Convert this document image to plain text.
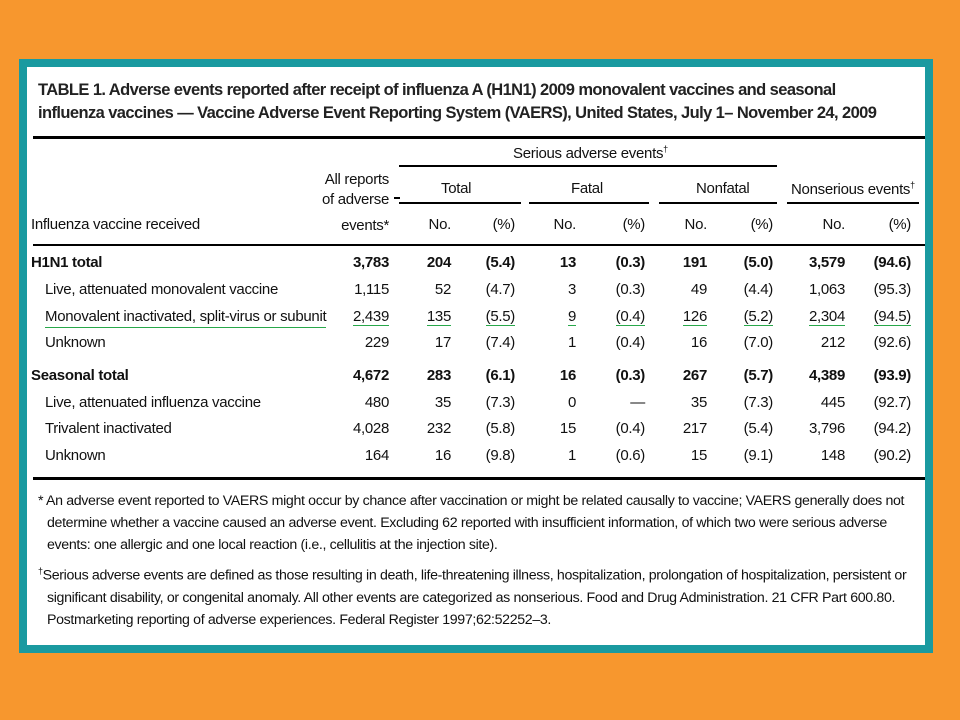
TABLE 1. Adverse events reported after receipt of influenza A (H1N1) 2009 monovalent vaccines and seasonal influenza vaccines — Vaccine Adverse Event Reporting System (VAERS), United States, July 1– November 24, 2009
Serious adverse events†
All reports
of adverse
events*
Total	Fatal	Nonfatal	Nonserious events†
Influenza vaccine received	No.	(%)	No.	(%)	No.	(%)	No.	(%)
H1N1 total	3,783	204	(5.4)	13	(0.3)	191	(5.0)	3,579	(94.6)
Live, attenuated monovalent vaccine	1,115	52	(4.7)	3	(0.3)	49	(4.4)	1,063	(95.3)
Monovalent inactivated, split-virus or subunit	2,439	135	(5.5)	9	(0.4)	126	(5.2)	2,304	(94.5)
Unknown	229	17	(7.4)	1	(0.4)	16	(7.0)	212	(92.6)
Seasonal total	4,672	283	(6.1)	16	(0.3)	267	(5.7)	4,389	(93.9)
Live, attenuated influenza vaccine	480	35	(7.3)	0	—	35	(7.3)	445	(92.7)
Trivalent inactivated	4,028	232	(5.8)	15	(0.4)	217	(5.4)	3,796	(94.2)
Unknown	164	16	(9.8)	1	(0.6)	15	(9.1)	148	(90.2)

* An adverse event reported to VAERS might occur by chance after vaccination or might be related causally to vaccine; VAERS generally does not determine whether a vaccine caused an adverse event. Excluding 62 reported with insufficient information, of which two were serious adverse events: one allergic and one local reaction (i.e., cellulitis at the injection site).

†Serious adverse events are defined as those resulting in death, life-threatening illness, hospitalization, prolongation of hospitalization, persistent or significant disability, or congenital anomaly. All other events are categorized as nonserious. Food and Drug Administration. 21 CFR Part 600.80. Postmarketing reporting of adverse experiences. Federal Register 1997;62:52252–3.
